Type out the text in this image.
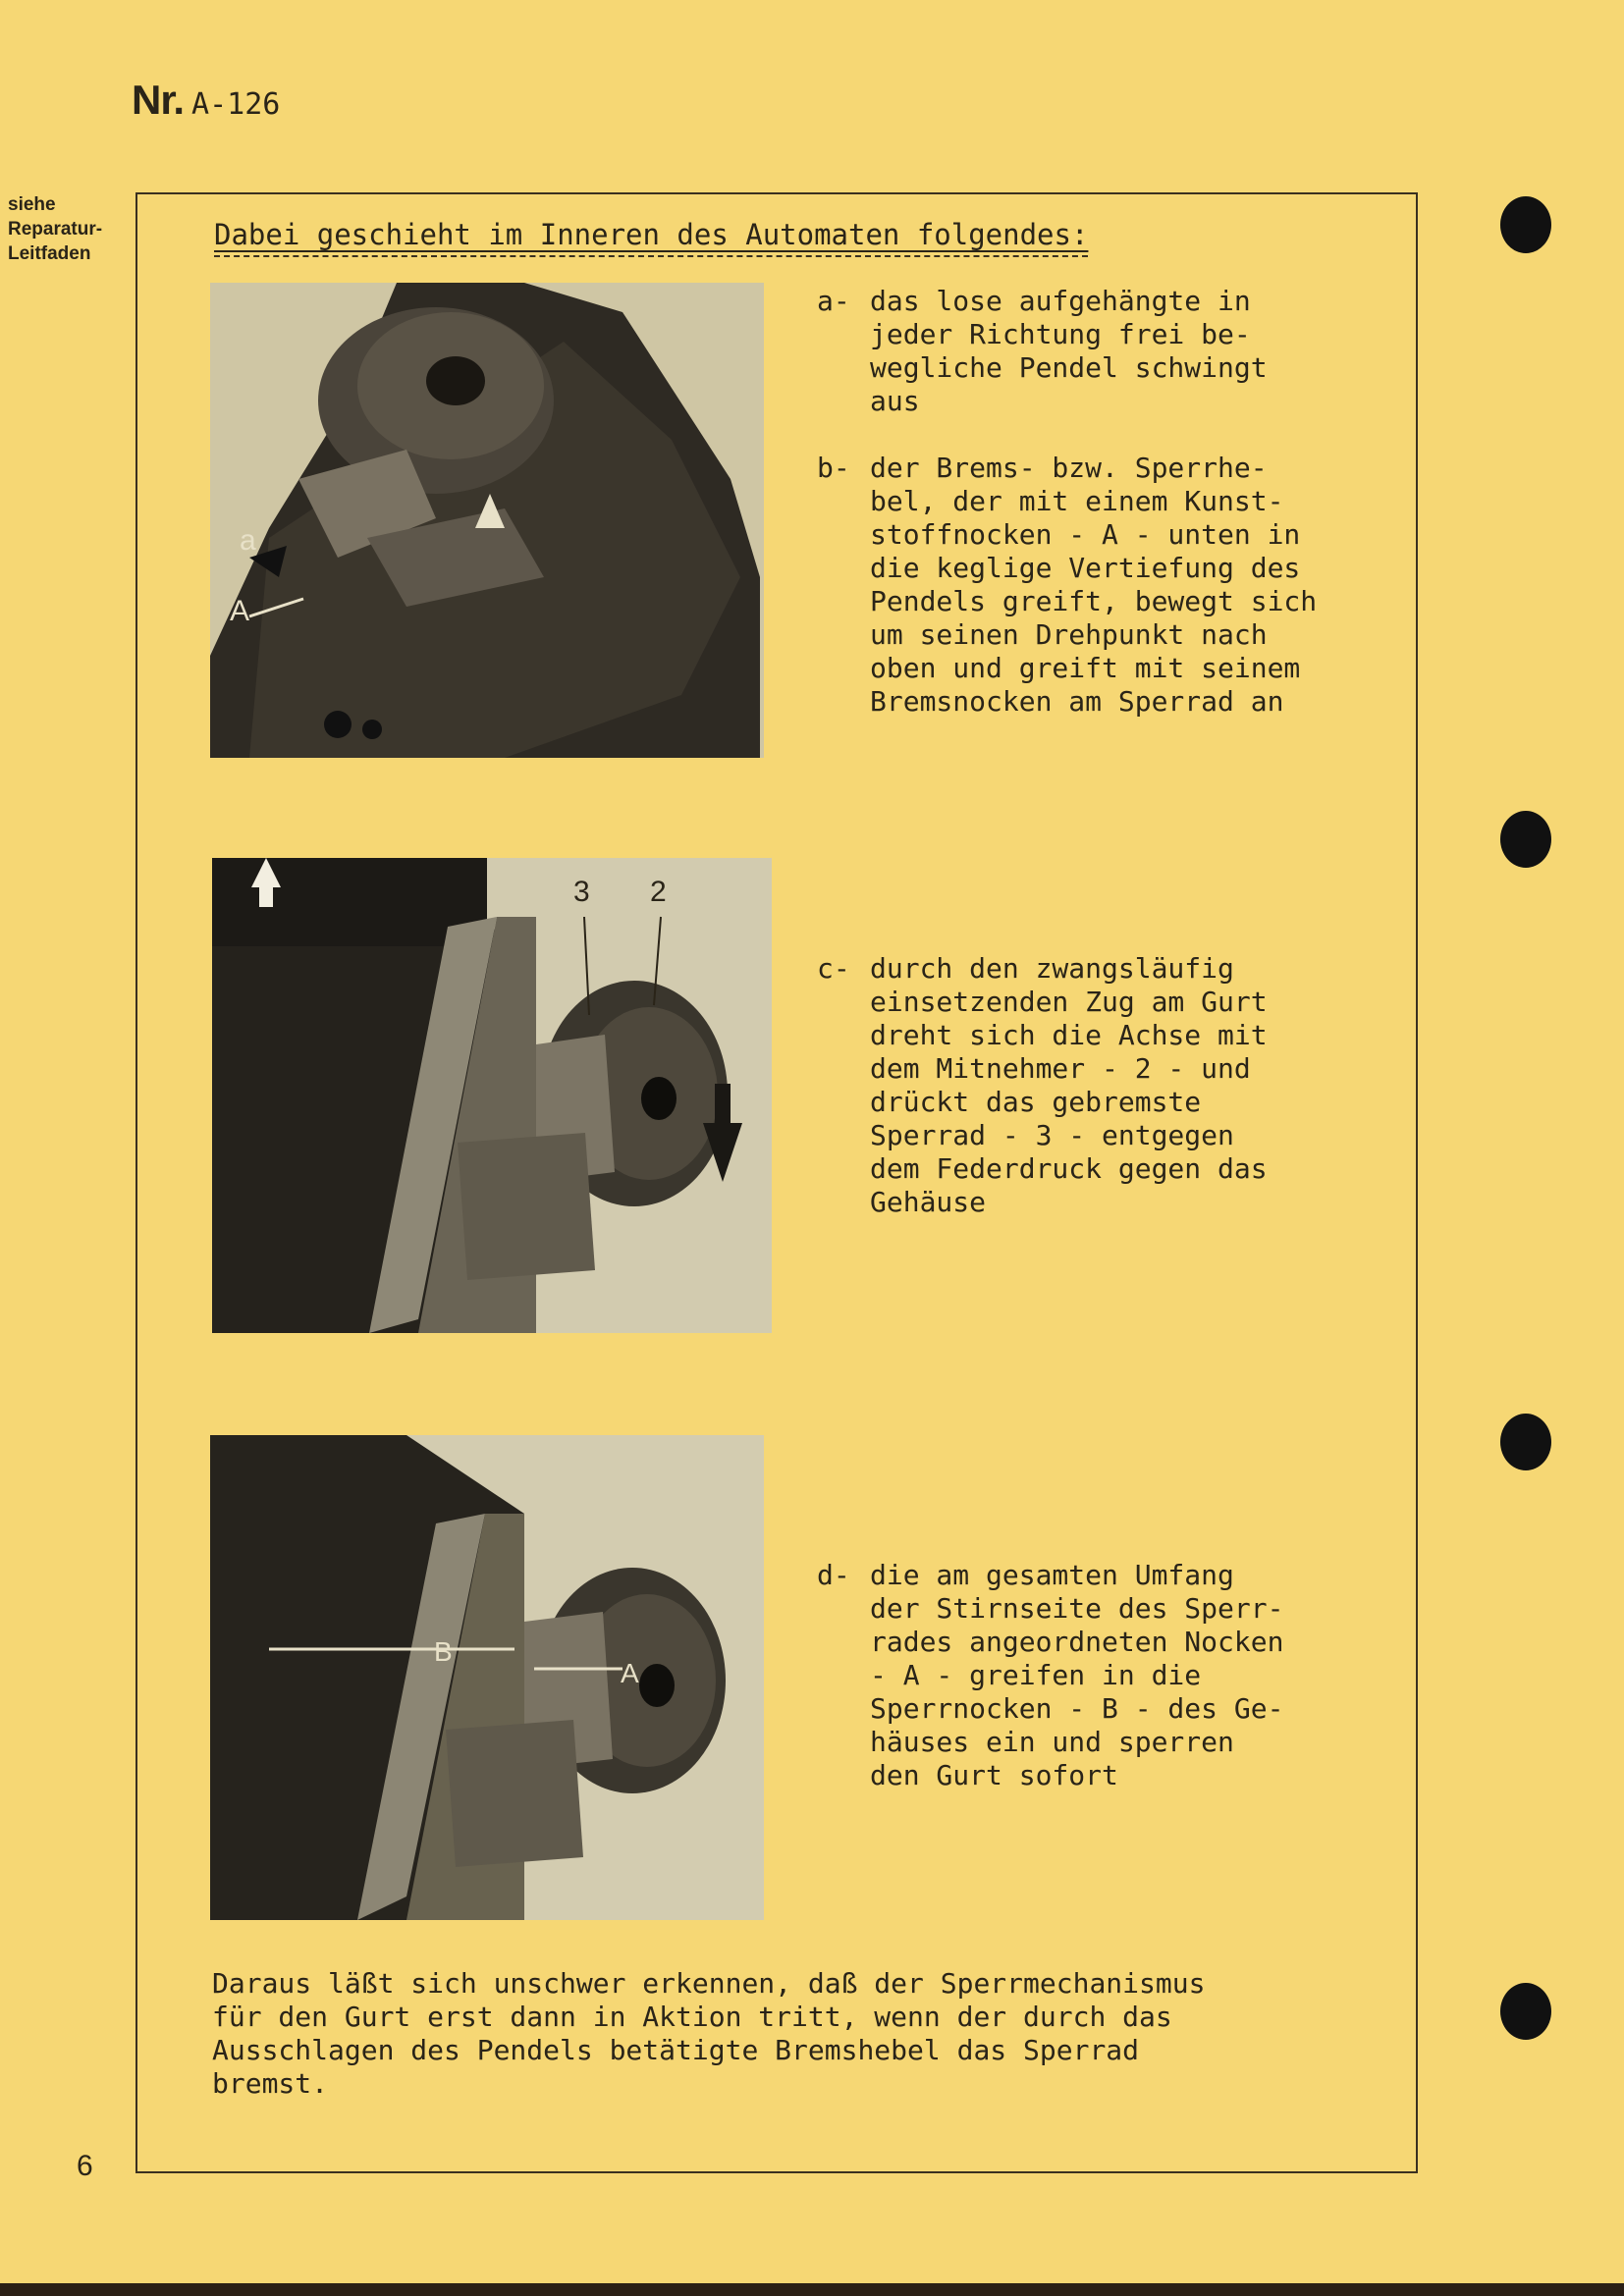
Nr. A-126
siehe
Reparatur-
Leitfaden
Dabei geschieht im Inneren des Automaten folgendes:
a
A
3 2
B
A
a- das lose aufgehängte in
jeder Richtung frei be-
wegliche Pendel schwingt
aus
b- der Brems- bzw. Sperrhe-
bel, der mit einem Kunst-
stoffnocken - A - unten in
die keglige Vertiefung des
Pendels greift, bewegt sich
um seinen Drehpunkt nach
oben und greift mit seinem
Bremsnocken am Sperrad an
c- durch den zwangsläufig
einsetzenden Zug am Gurt
dreht sich die Achse mit
dem Mitnehmer - 2 - und
drückt das gebremste
Sperrad - 3 - entgegen
dem Federdruck gegen das
Gehäuse
d- die am gesamten Umfang
der Stirnseite des Sperr-
rades angeordneten Nocken
- A - greifen in die
Sperrnocken - B - des Ge-
häuses ein und sperren
den Gurt sofort
Daraus läßt sich unschwer erkennen, daß der Sperrmechanismus
für den Gurt erst dann in Aktion tritt, wenn der durch das
Ausschlagen des Pendels betätigte Bremshebel das Sperrad
bremst.
6
